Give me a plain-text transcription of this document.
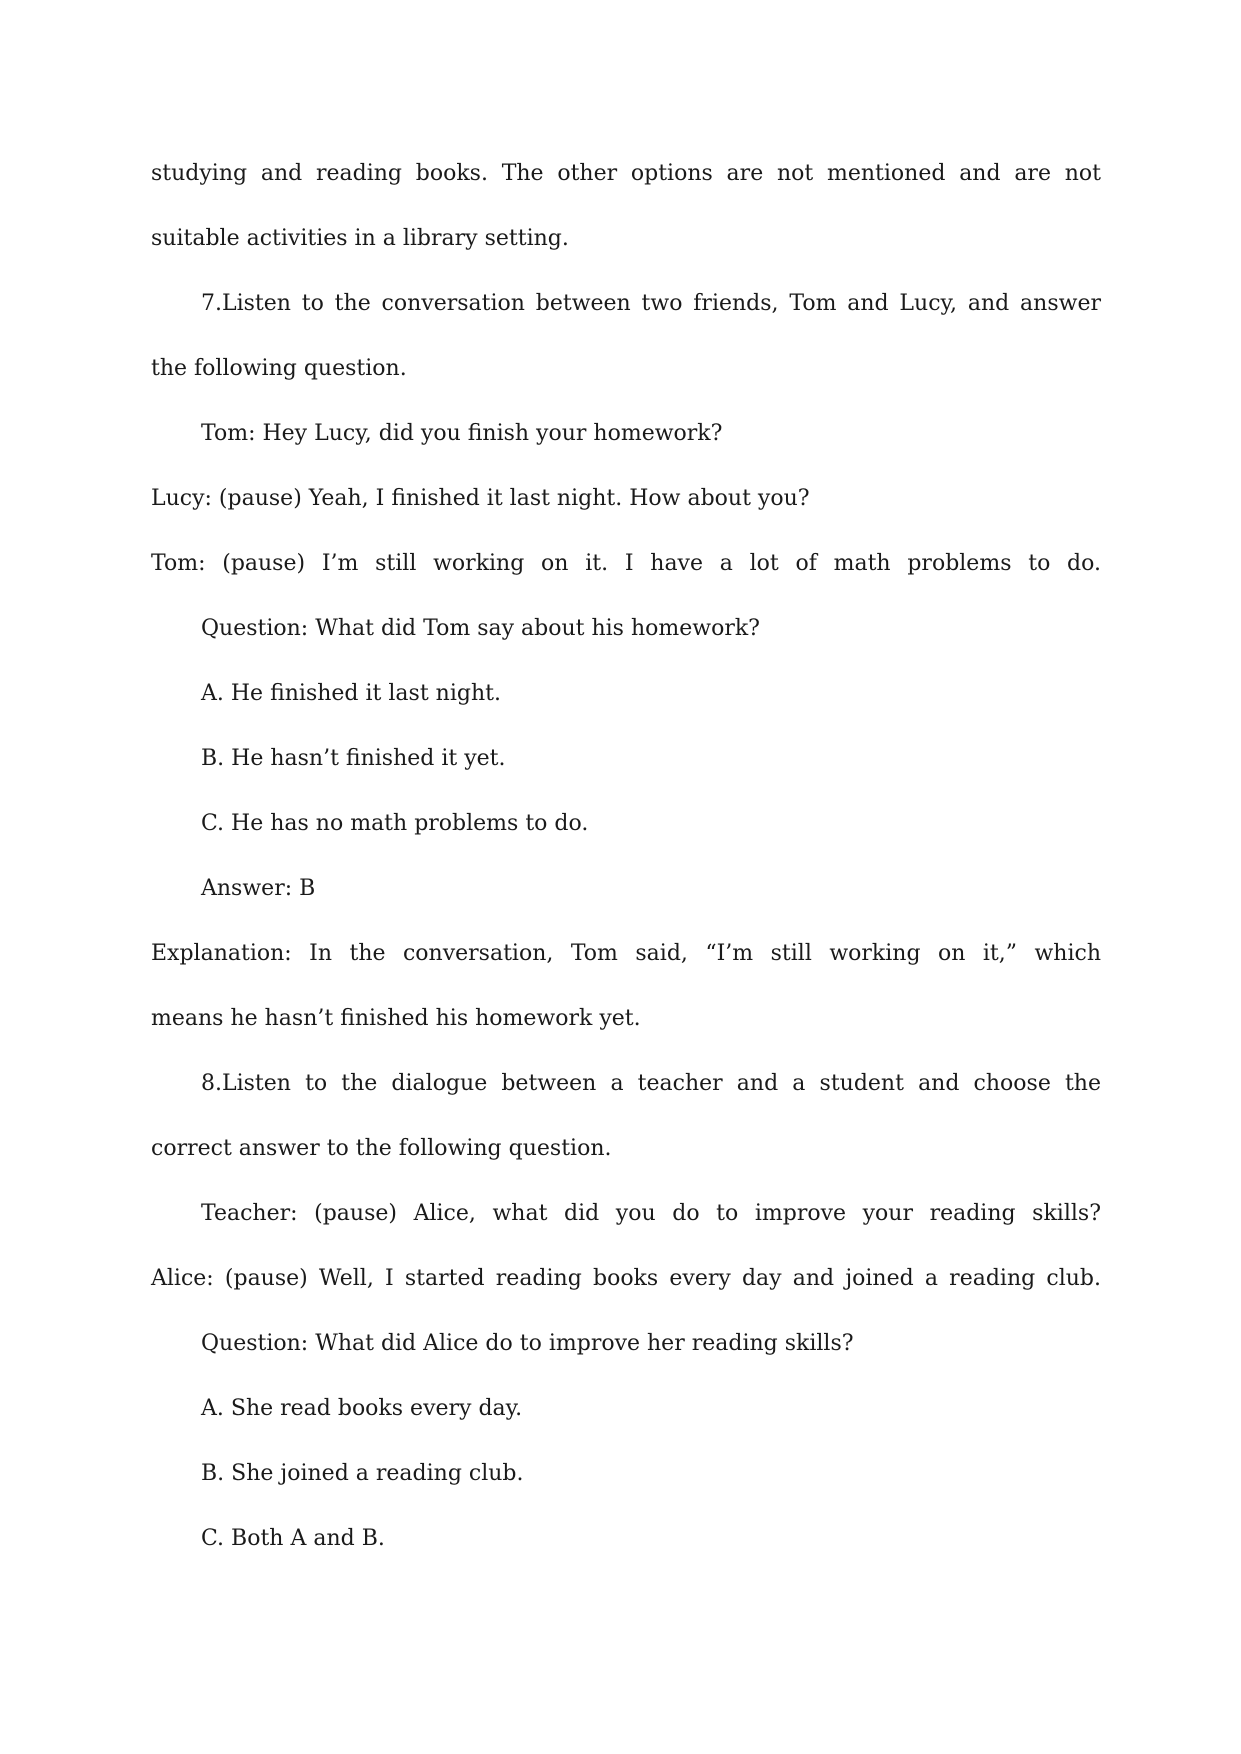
studying and reading books. The other options are not mentioned and are not
suitable activities in a library setting.
7.Listen to the conversation between two friends, Tom and Lucy, and answer
the following question.
Tom: Hey Lucy, did you finish your homework?
Lucy: (pause) Yeah, I finished it last night. How about you?
Tom: (pause) I’m still working on it. I have a lot of math problems to do.
Question: What did Tom say about his homework?
A. He finished it last night.
B. He hasn’t finished it yet.
C. He has no math problems to do.
Answer: B
Explanation: In the conversation, Tom said, “I’m still working on it,” which
means he hasn’t finished his homework yet.
8.Listen to the dialogue between a teacher and a student and choose the
correct answer to the following question.
Teacher: (pause) Alice, what did you do to improve your reading skills?
Alice: (pause) Well, I started reading books every day and joined a reading club.
Question: What did Alice do to improve her reading skills?
A. She read books every day.
B. She joined a reading club.
C. Both A and B.
